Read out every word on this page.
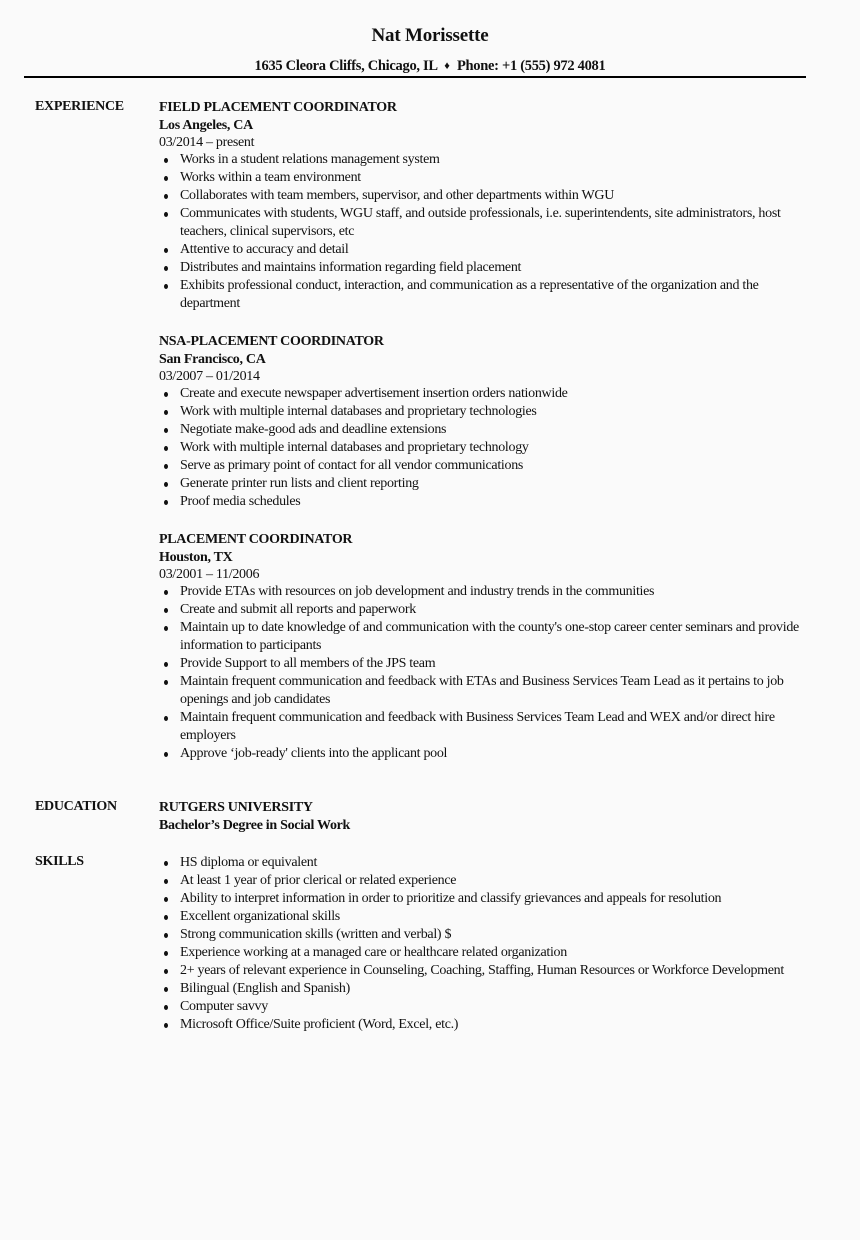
Nat Morissette
1635 Cleora Cliffs, Chicago, IL ♦ Phone: +1 (555) 972 4081
EXPERIENCE	FIELD PLACEMENT COORDINATOR
Los Angeles, CA
03/2014 – present
Works in a student relations management system
Works within a team environment
Collaborates with team members, supervisor, and other departments within WGU
Communicates with students, WGU staff, and outside professionals, i.e. superintendents, site administrators, host teachers, clinical supervisors, etc
Attentive to accuracy and detail
Distributes and maintains information regarding field placement
Exhibits professional conduct, interaction, and communication as a representative of the organization and the department
NSA-PLACEMENT COORDINATOR
San Francisco, CA
03/2007 – 01/2014
Create and execute newspaper advertisement insertion orders nationwide
Work with multiple internal databases and proprietary technologies
Negotiate make-good ads and deadline extensions
Work with multiple internal databases and proprietary technology
Serve as primary point of contact for all vendor communications
Generate printer run lists and client reporting
Proof media schedules
PLACEMENT COORDINATOR
Houston, TX
03/2001 – 11/2006
Provide ETAs with resources on job development and industry trends in the communities
Create and submit all reports and paperwork
Maintain up to date knowledge of and communication with the county's one-stop career center seminars and provide information to participants
Provide Support to all members of the JPS team
Maintain frequent communication and feedback with ETAs and Business Services Team Lead as it pertains to job openings and job candidates
Maintain frequent communication and feedback with Business Services Team Lead and WEX and/or direct hire employers
Approve ‘job-ready' clients into the applicant pool
EDUCATION	RUTGERS UNIVERSITY
Bachelor’s Degree in Social Work
SKILLS	HS diploma or equivalent
At least 1 year of prior clerical or related experience
Ability to interpret information in order to prioritize and classify grievances and appeals for resolution
Excellent organizational skills
Strong communication skills (written and verbal) $
Experience working at a managed care or healthcare related organization
2+ years of relevant experience in Counseling, Coaching, Staffing, Human Resources or Workforce Development
Bilingual (English and Spanish)
Computer savvy
Microsoft Office/Suite proficient (Word, Excel, etc.)
